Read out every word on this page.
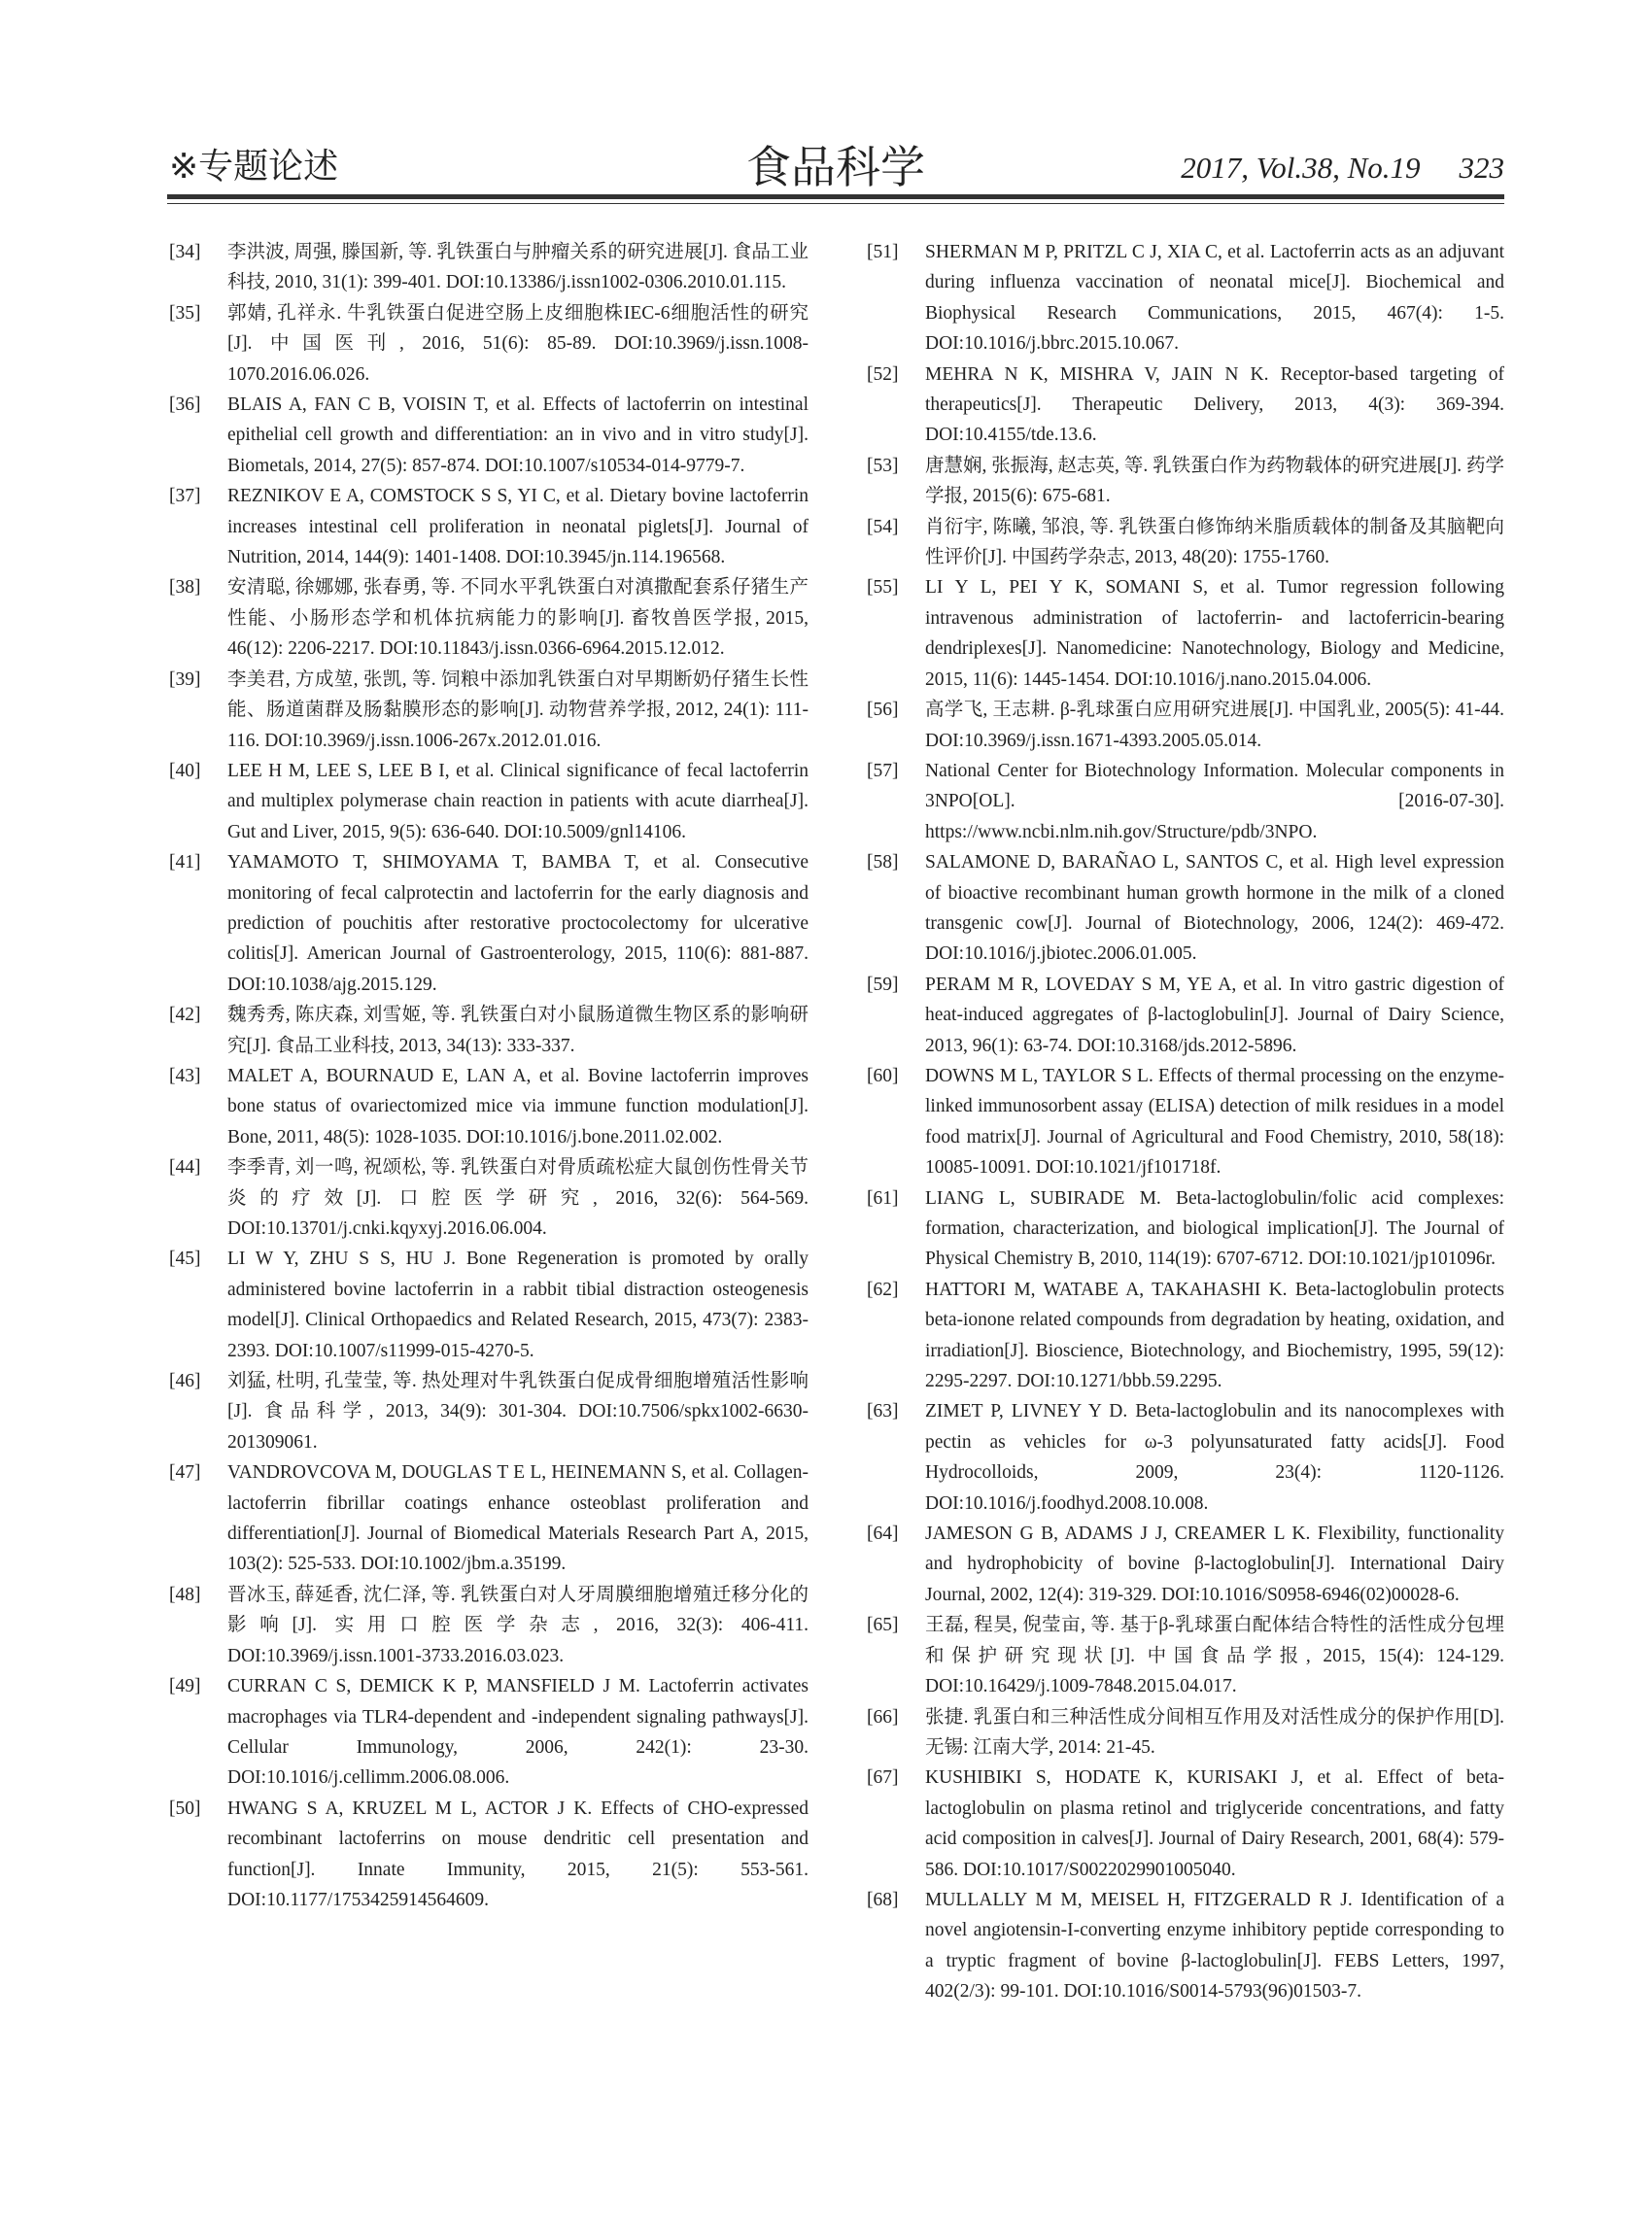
※专题论述	食品科学	2017, Vol.38, No.19 323
[34] 李洪波, 周强, 滕国新, 等. 乳铁蛋白与肿瘤关系的研究进展[J]. 食品工业科技, 2010, 31(1): 399-401. DOI:10.13386/j.issn1002-0306.2010.01.115.
[35] 郭婧, 孔祥永. 牛乳铁蛋白促进空肠上皮细胞株IEC-6细胞活性的研究[J]. 中国医刊, 2016, 51(6): 85-89. DOI:10.3969/j.issn.1008-1070.2016.06.026.
[36] BLAIS A, FAN C B, VOISIN T, et al. Effects of lactoferrin on intestinal epithelial cell growth and differentiation: an in vivo and in vitro study[J]. Biometals, 2014, 27(5): 857-874. DOI:10.1007/s10534-014-9779-7.
[37] REZNIKOV E A, COMSTOCK S S, YI C, et al. Dietary bovine lactoferrin increases intestinal cell proliferation in neonatal piglets[J]. Journal of Nutrition, 2014, 144(9): 1401-1408. DOI:10.3945/jn.114.196568.
[38] 安清聪, 徐娜娜, 张春勇, 等. 不同水平乳铁蛋白对滇撒配套系仔猪生产性能、小肠形态学和机体抗病能力的影响[J]. 畜牧兽医学报, 2015, 46(12): 2206-2217. DOI:10.11843/j.issn.0366-6964.2015.12.012.
[39] 李美君, 方成堃, 张凯, 等. 饲粮中添加乳铁蛋白对早期断奶仔猪生长性能、肠道菌群及肠黏膜形态的影响[J]. 动物营养学报, 2012, 24(1): 111-116. DOI:10.3969/j.issn.1006-267x.2012.01.016.
[40] LEE H M, LEE S, LEE B I, et al. Clinical significance of fecal lactoferrin and multiplex polymerase chain reaction in patients with acute diarrhea[J]. Gut and Liver, 2015, 9(5): 636-640. DOI:10.5009/gnl14106.
[41] YAMAMOTO T, SHIMOYAMA T, BAMBA T, et al. Consecutive monitoring of fecal calprotectin and lactoferrin for the early diagnosis and prediction of pouchitis after restorative proctocolectomy for ulcerative colitis[J]. American Journal of Gastroenterology, 2015, 110(6): 881-887. DOI:10.1038/ajg.2015.129.
[42] 魏秀秀, 陈庆森, 刘雪姬, 等. 乳铁蛋白对小鼠肠道微生物区系的影响研究[J]. 食品工业科技, 2013, 34(13): 333-337.
[43] MALET A, BOURNAUD E, LAN A, et al. Bovine lactoferrin improves bone status of ovariectomized mice via immune function modulation[J]. Bone, 2011, 48(5): 1028-1035. DOI:10.1016/j.bone.2011.02.002.
[44] 李季青, 刘一鸣, 祝颂松, 等. 乳铁蛋白对骨质疏松症大鼠创伤性骨关节炎的疗效[J]. 口腔医学研究, 2016, 32(6): 564-569. DOI:10.13701/j.cnki.kqyxyj.2016.06.004.
[45] LI W Y, ZHU S S, HU J. Bone Regeneration is promoted by orally administered bovine lactoferrin in a rabbit tibial distraction osteogenesis model[J]. Clinical Orthopaedics and Related Research, 2015, 473(7): 2383-2393. DOI:10.1007/s11999-015-4270-5.
[46] 刘猛, 杜明, 孔莹莹, 等. 热处理对牛乳铁蛋白促成骨细胞增殖活性影响[J]. 食品科学, 2013, 34(9): 301-304. DOI:10.7506/spkx1002-6630-201309061.
[47] VANDROVCOVA M, DOUGLAS T E L, HEINEMANN S, et al. Collagen-lactoferrin fibrillar coatings enhance osteoblast proliferation and differentiation[J]. Journal of Biomedical Materials Research Part A, 2015, 103(2): 525-533. DOI:10.1002/jbm.a.35199.
[48] 晋冰玉, 薛延香, 沈仁泽, 等. 乳铁蛋白对人牙周膜细胞增殖迁移分化的影响[J]. 实用口腔医学杂志, 2016, 32(3): 406-411. DOI:10.3969/j.issn.1001-3733.2016.03.023.
[49] CURRAN C S, DEMICK K P, MANSFIELD J M. Lactoferrin activates macrophages via TLR4-dependent and -independent signaling pathways[J]. Cellular Immunology, 2006, 242(1): 23-30. DOI:10.1016/j.cellimm.2006.08.006.
[50] HWANG S A, KRUZEL M L, ACTOR J K. Effects of CHO-expressed recombinant lactoferrins on mouse dendritic cell presentation and function[J]. Innate Immunity, 2015, 21(5): 553-561. DOI:10.1177/1753425914564609.
[51] SHERMAN M P, PRITZL C J, XIA C, et al. Lactoferrin acts as an adjuvant during influenza vaccination of neonatal mice[J]. Biochemical and Biophysical Research Communications, 2015, 467(4): 1-5. DOI:10.1016/j.bbrc.2015.10.067.
[52] MEHRA N K, MISHRA V, JAIN N K. Receptor-based targeting of therapeutics[J]. Therapeutic Delivery, 2013, 4(3): 369-394. DOI:10.4155/tde.13.6.
[53] 唐慧娴, 张振海, 赵志英, 等. 乳铁蛋白作为药物载体的研究进展[J]. 药学学报, 2015(6): 675-681.
[54] 肖衍宇, 陈曦, 邹浪, 等. 乳铁蛋白修饰纳米脂质载体的制备及其脑靶向性评价[J]. 中国药学杂志, 2013, 48(20): 1755-1760.
[55] LI Y L, PEI Y K, SOMANI S, et al. Tumor regression following intravenous administration of lactoferrin- and lactoferricin-bearing dendriplexes[J]. Nanomedicine: Nanotechnology, Biology and Medicine, 2015, 11(6): 1445-1454. DOI:10.1016/j.nano.2015.04.006.
[56] 高学飞, 王志耕. β-乳球蛋白应用研究进展[J]. 中国乳业, 2005(5): 41-44. DOI:10.3969/j.issn.1671-4393.2005.05.014.
[57] National Center for Biotechnology Information. Molecular components in 3NPO[OL]. [2016-07-30]. https://www.ncbi.nlm.nih.gov/Structure/pdb/3NPO.
[58] SALAMONE D, BARAÑAO L, SANTOS C, et al. High level expression of bioactive recombinant human growth hormone in the milk of a cloned transgenic cow[J]. Journal of Biotechnology, 2006, 124(2): 469-472. DOI:10.1016/j.jbiotec.2006.01.005.
[59] PERAM M R, LOVEDAY S M, YE A, et al. In vitro gastric digestion of heat-induced aggregates of β-lactoglobulin[J]. Journal of Dairy Science, 2013, 96(1): 63-74. DOI:10.3168/jds.2012-5896.
[60] DOWNS M L, TAYLOR S L. Effects of thermal processing on the enzyme-linked immunosorbent assay (ELISA) detection of milk residues in a model food matrix[J]. Journal of Agricultural and Food Chemistry, 2010, 58(18): 10085-10091. DOI:10.1021/jf101718f.
[61] LIANG L, SUBIRADE M. Beta-lactoglobulin/folic acid complexes: formation, characterization, and biological implication[J]. The Journal of Physical Chemistry B, 2010, 114(19): 6707-6712. DOI:10.1021/jp101096r.
[62] HATTORI M, WATABE A, TAKAHASHI K. Beta-lactoglobulin protects beta-ionone related compounds from degradation by heating, oxidation, and irradiation[J]. Bioscience, Biotechnology, and Biochemistry, 1995, 59(12): 2295-2297. DOI:10.1271/bbb.59.2295.
[63] ZIMET P, LIVNEY Y D. Beta-lactoglobulin and its nanocomplexes with pectin as vehicles for ω-3 polyunsaturated fatty acids[J]. Food Hydrocolloids, 2009, 23(4): 1120-1126. DOI:10.1016/j.foodhyd.2008.10.008.
[64] JAMESON G B, ADAMS J J, CREAMER L K. Flexibility, functionality and hydrophobicity of bovine β-lactoglobulin[J]. International Dairy Journal, 2002, 12(4): 319-329. DOI:10.1016/S0958-6946(02)00028-6.
[65] 王磊, 程昊, 倪莹亩, 等. 基于β-乳球蛋白配体结合特性的活性成分包埋和保护研究现状[J]. 中国食品学报, 2015, 15(4): 124-129. DOI:10.16429/j.1009-7848.2015.04.017.
[66] 张捷. 乳蛋白和三种活性成分间相互作用及对活性成分的保护作用[D]. 无锡: 江南大学, 2014: 21-45.
[67] KUSHIBIKI S, HODATE K, KURISAKI J, et al. Effect of beta-lactoglobulin on plasma retinol and triglyceride concentrations, and fatty acid composition in calves[J]. Journal of Dairy Research, 2001, 68(4): 579-586. DOI:10.1017/S0022029901005040.
[68] MULLALLY M M, MEISEL H, FITZGERALD R J. Identification of a novel angiotensin-I-converting enzyme inhibitory peptide corresponding to a tryptic fragment of bovine β-lactoglobulin[J]. FEBS Letters, 1997, 402(2/3): 99-101. DOI:10.1016/S0014-5793(96)01503-7.
